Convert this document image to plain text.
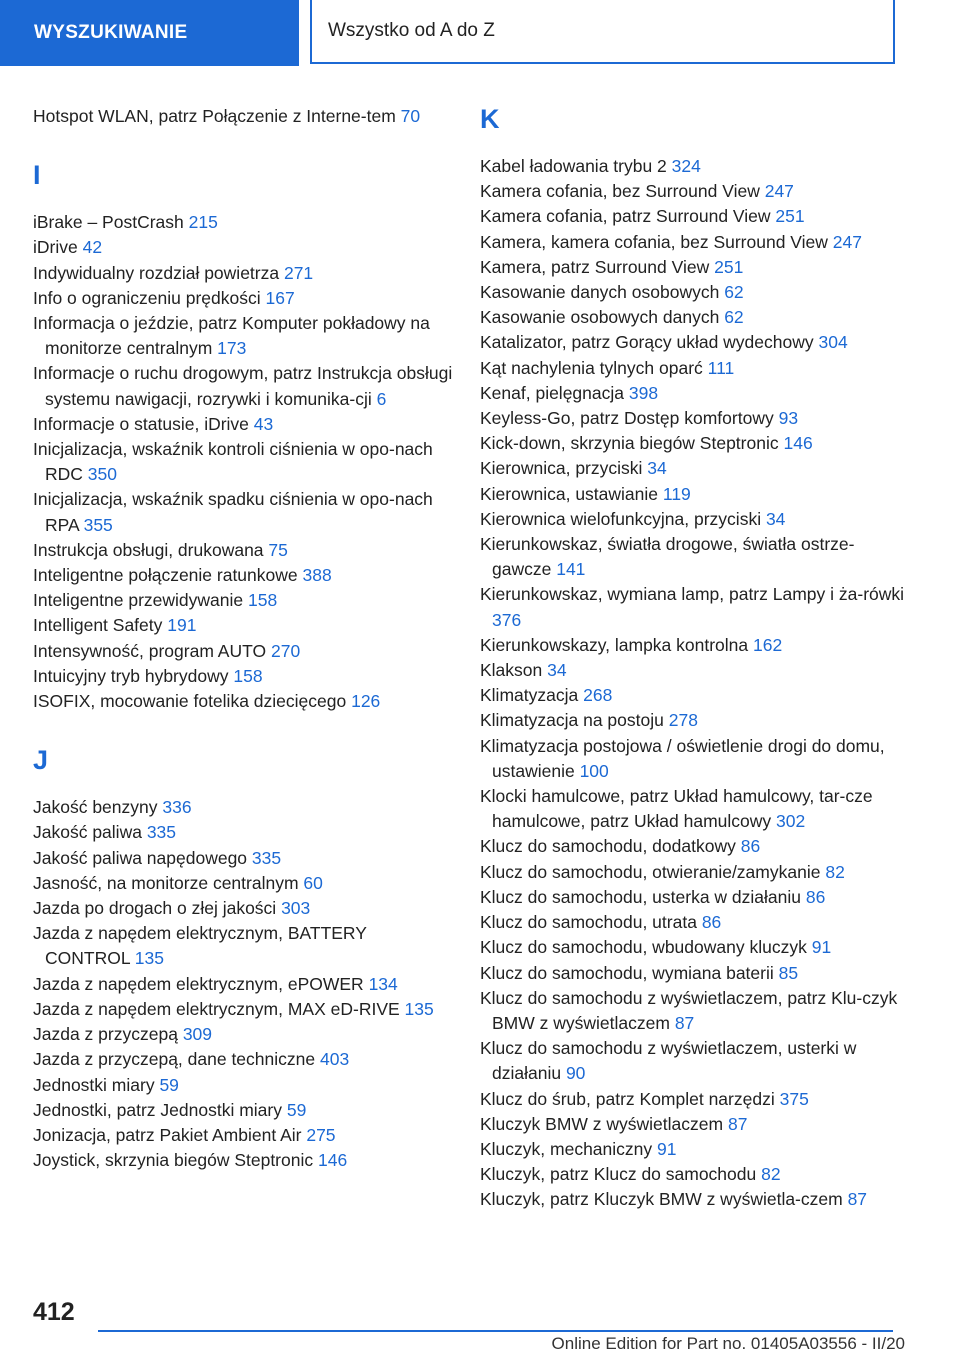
WYSZUKIWANIE	Wszystko od A do Z
Hotspot WLAN, patrz Połączenie z Interne-tem 70
I
iBrake – PostCrash 215
iDrive 42
Indywidualny rozdział powietrza 271
Info o ograniczeniu prędkości 167
Informacja o jeździe, patrz Komputer pokładowy na monitorze centralnym 173
Informacje o ruchu drogowym, patrz Instrukcja obsługi systemu nawigacji, rozrywki i komunika-cji 6
Informacje o statusie, iDrive 43
Inicjalizacja, wskaźnik kontroli ciśnienia w opo-nach RDC 350
Inicjalizacja, wskaźnik spadku ciśnienia w opo-nach RPA 355
Instrukcja obsługi, drukowana 75
Inteligentne połączenie ratunkowe 388
Inteligentne przewidywanie 158
Intelligent Safety 191
Intensywność, program AUTO 270
Intuicyjny tryb hybrydowy 158
ISOFIX, mocowanie fotelika dziecięcego 126
J
Jakość benzyny 336
Jakość paliwa 335
Jakość paliwa napędowego 335
Jasność, na monitorze centralnym 60
Jazda po drogach o złej jakości 303
Jazda z napędem elektrycznym, BATTERY CONTROL 135
Jazda z napędem elektrycznym, ePOWER 134
Jazda z napędem elektrycznym, MAX eD-RIVE 135
Jazda z przyczepą 309
Jazda z przyczepą, dane techniczne 403
Jednostki miary 59
Jednostki, patrz Jednostki miary 59
Jonizacja, patrz Pakiet Ambient Air 275
Joystick, skrzynia biegów Steptronic 146
K
Kabel ładowania trybu 2 324
Kamera cofania, bez Surround View 247
Kamera cofania, patrz Surround View 251
Kamera, kamera cofania, bez Surround View 247
Kamera, patrz Surround View 251
Kasowanie danych osobowych 62
Kasowanie osobowych danych 62
Katalizator, patrz Gorący układ wydechowy 304
Kąt nachylenia tylnych oparć 111
Kenaf, pielęgnacja 398
Keyless-Go, patrz Dostęp komfortowy 93
Kick-down, skrzynia biegów Steptronic 146
Kierownica, przyciski 34
Kierownica, ustawianie 119
Kierownica wielofunkcyjna, przyciski 34
Kierunkowskaz, światła drogowe, światła ostrze-gawcze 141
Kierunkowskaz, wymiana lamp, patrz Lampy i ża-rówki 376
Kierunkowskazy, lampka kontrolna 162
Klakson 34
Klimatyzacja 268
Klimatyzacja na postoju 278
Klimatyzacja postojowa / oświetlenie drogi do domu, ustawienie 100
Klocki hamulcowe, patrz Układ hamulcowy, tar-cze hamulcowe, patrz Układ hamulcowy 302
Klucz do samochodu, dodatkowy 86
Klucz do samochodu, otwieranie/zamykanie 82
Klucz do samochodu, usterka w działaniu 86
Klucz do samochodu, utrata 86
Klucz do samochodu, wbudowany kluczyk 91
Klucz do samochodu, wymiana baterii 85
Klucz do samochodu z wyświetlaczem, patrz Klu-czyk BMW z wyświetlaczem 87
Klucz do samochodu z wyświetlaczem, usterki w działaniu 90
Klucz do śrub, patrz Komplet narzędzi 375
Kluczyk BMW z wyświetlaczem 87
Kluczyk, mechaniczny 91
Kluczyk, patrz Klucz do samochodu 82
Kluczyk, patrz Kluczyk BMW z wyświetla-czem 87
412
Online Edition for Part no. 01405A03556 - II/20
